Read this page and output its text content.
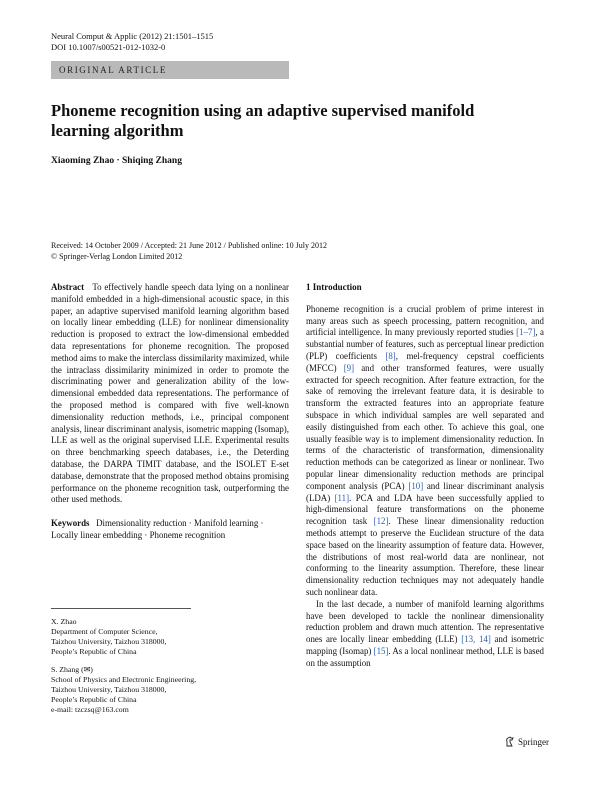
Neural Comput & Applic (2012) 21:1501–1515
DOI 10.1007/s00521-012-1032-0
ORIGINAL ARTICLE
Phoneme recognition using an adaptive supervised manifold learning algorithm
Xiaoming Zhao · Shiqing Zhang
Received: 14 October 2009 / Accepted: 21 June 2012 / Published online: 10 July 2012
© Springer-Verlag London Limited 2012

Abstract To effectively handle speech data lying on a nonlinear manifold embedded in a high-dimensional acoustic space, in this paper, an adaptive supervised manifold learning algorithm based on locally linear embedding (LLE) for nonlinear dimensionality reduction is proposed to extract the low-dimensional embedded data representations for phoneme recognition. The proposed method aims to make the interclass dissimilarity maximized, while the intraclass dissimilarity minimized in order to promote the discriminating power and generalization ability of the low-dimensional embedded data representations. The performance of the proposed method is compared with five well-known dimensionality reduction methods, i.e., principal component analysis, linear discriminant analysis, isometric mapping (Isomap), LLE as well as the original supervised LLE. Experimental results on three benchmarking speech databases, i.e., the Deterding database, the DARPA TIMIT database, and the ISOLET E-set database, demonstrate that the proposed method obtains promising performance on the phoneme recognition task, outperforming the other used methods.

Keywords Dimensionality reduction · Manifold learning · Locally linear embedding · Phoneme recognition

X. Zhao
Department of Computer Science,
Taizhou University, Taizhou 318000,
People’s Republic of China
S. Zhang (✉)
School of Physics and Electronic Engineering,
Taizhou University, Taizhou 318000,
People’s Republic of China
e-mail: tzczsq@163.com
1 Introduction

Phoneme recognition is a crucial problem of prime interest in many areas such as speech processing, pattern recognition, and artificial intelligence. In many previously reported studies [1–7], a substantial number of features, such as perceptual linear prediction (PLP) coefficients [8], mel-frequency cepstral coefficients (MFCC) [9] and other transformed features, were usually extracted for speech recognition. After feature extraction, for the sake of removing the irrelevant feature data, it is desirable to transform the extracted features into an appropriate feature subspace in which individual samples are well separated and easily distinguished from each other. To achieve this goal, one usually feasible way is to implement dimensionality reduction. In terms of the characteristic of transformation, dimensionality reduction methods can be categorized as linear or nonlinear. Two popular linear dimensionality reduction methods are principal component analysis (PCA) [10] and linear discriminant analysis (LDA) [11]. PCA and LDA have been successfully applied to high-dimensional feature transformations on the phoneme recognition task [12]. These linear dimensionality reduction methods attempt to preserve the Euclidean structure of the data space based on the linearity assumption of feature data. However, the distributions of most real-world data are nonlinear, not conforming to the linearity assumption. Therefore, these linear dimensionality reduction techniques may not adequately handle such nonlinear data.

In the last decade, a number of manifold learning algorithms have been developed to tackle the nonlinear dimensionality reduction problem and drawn much attention. The representative ones are locally linear embedding (LLE) [13, 14] and isometric mapping (Isomap) [15]. As a local nonlinear method, LLE is based on the assumption

Springer
